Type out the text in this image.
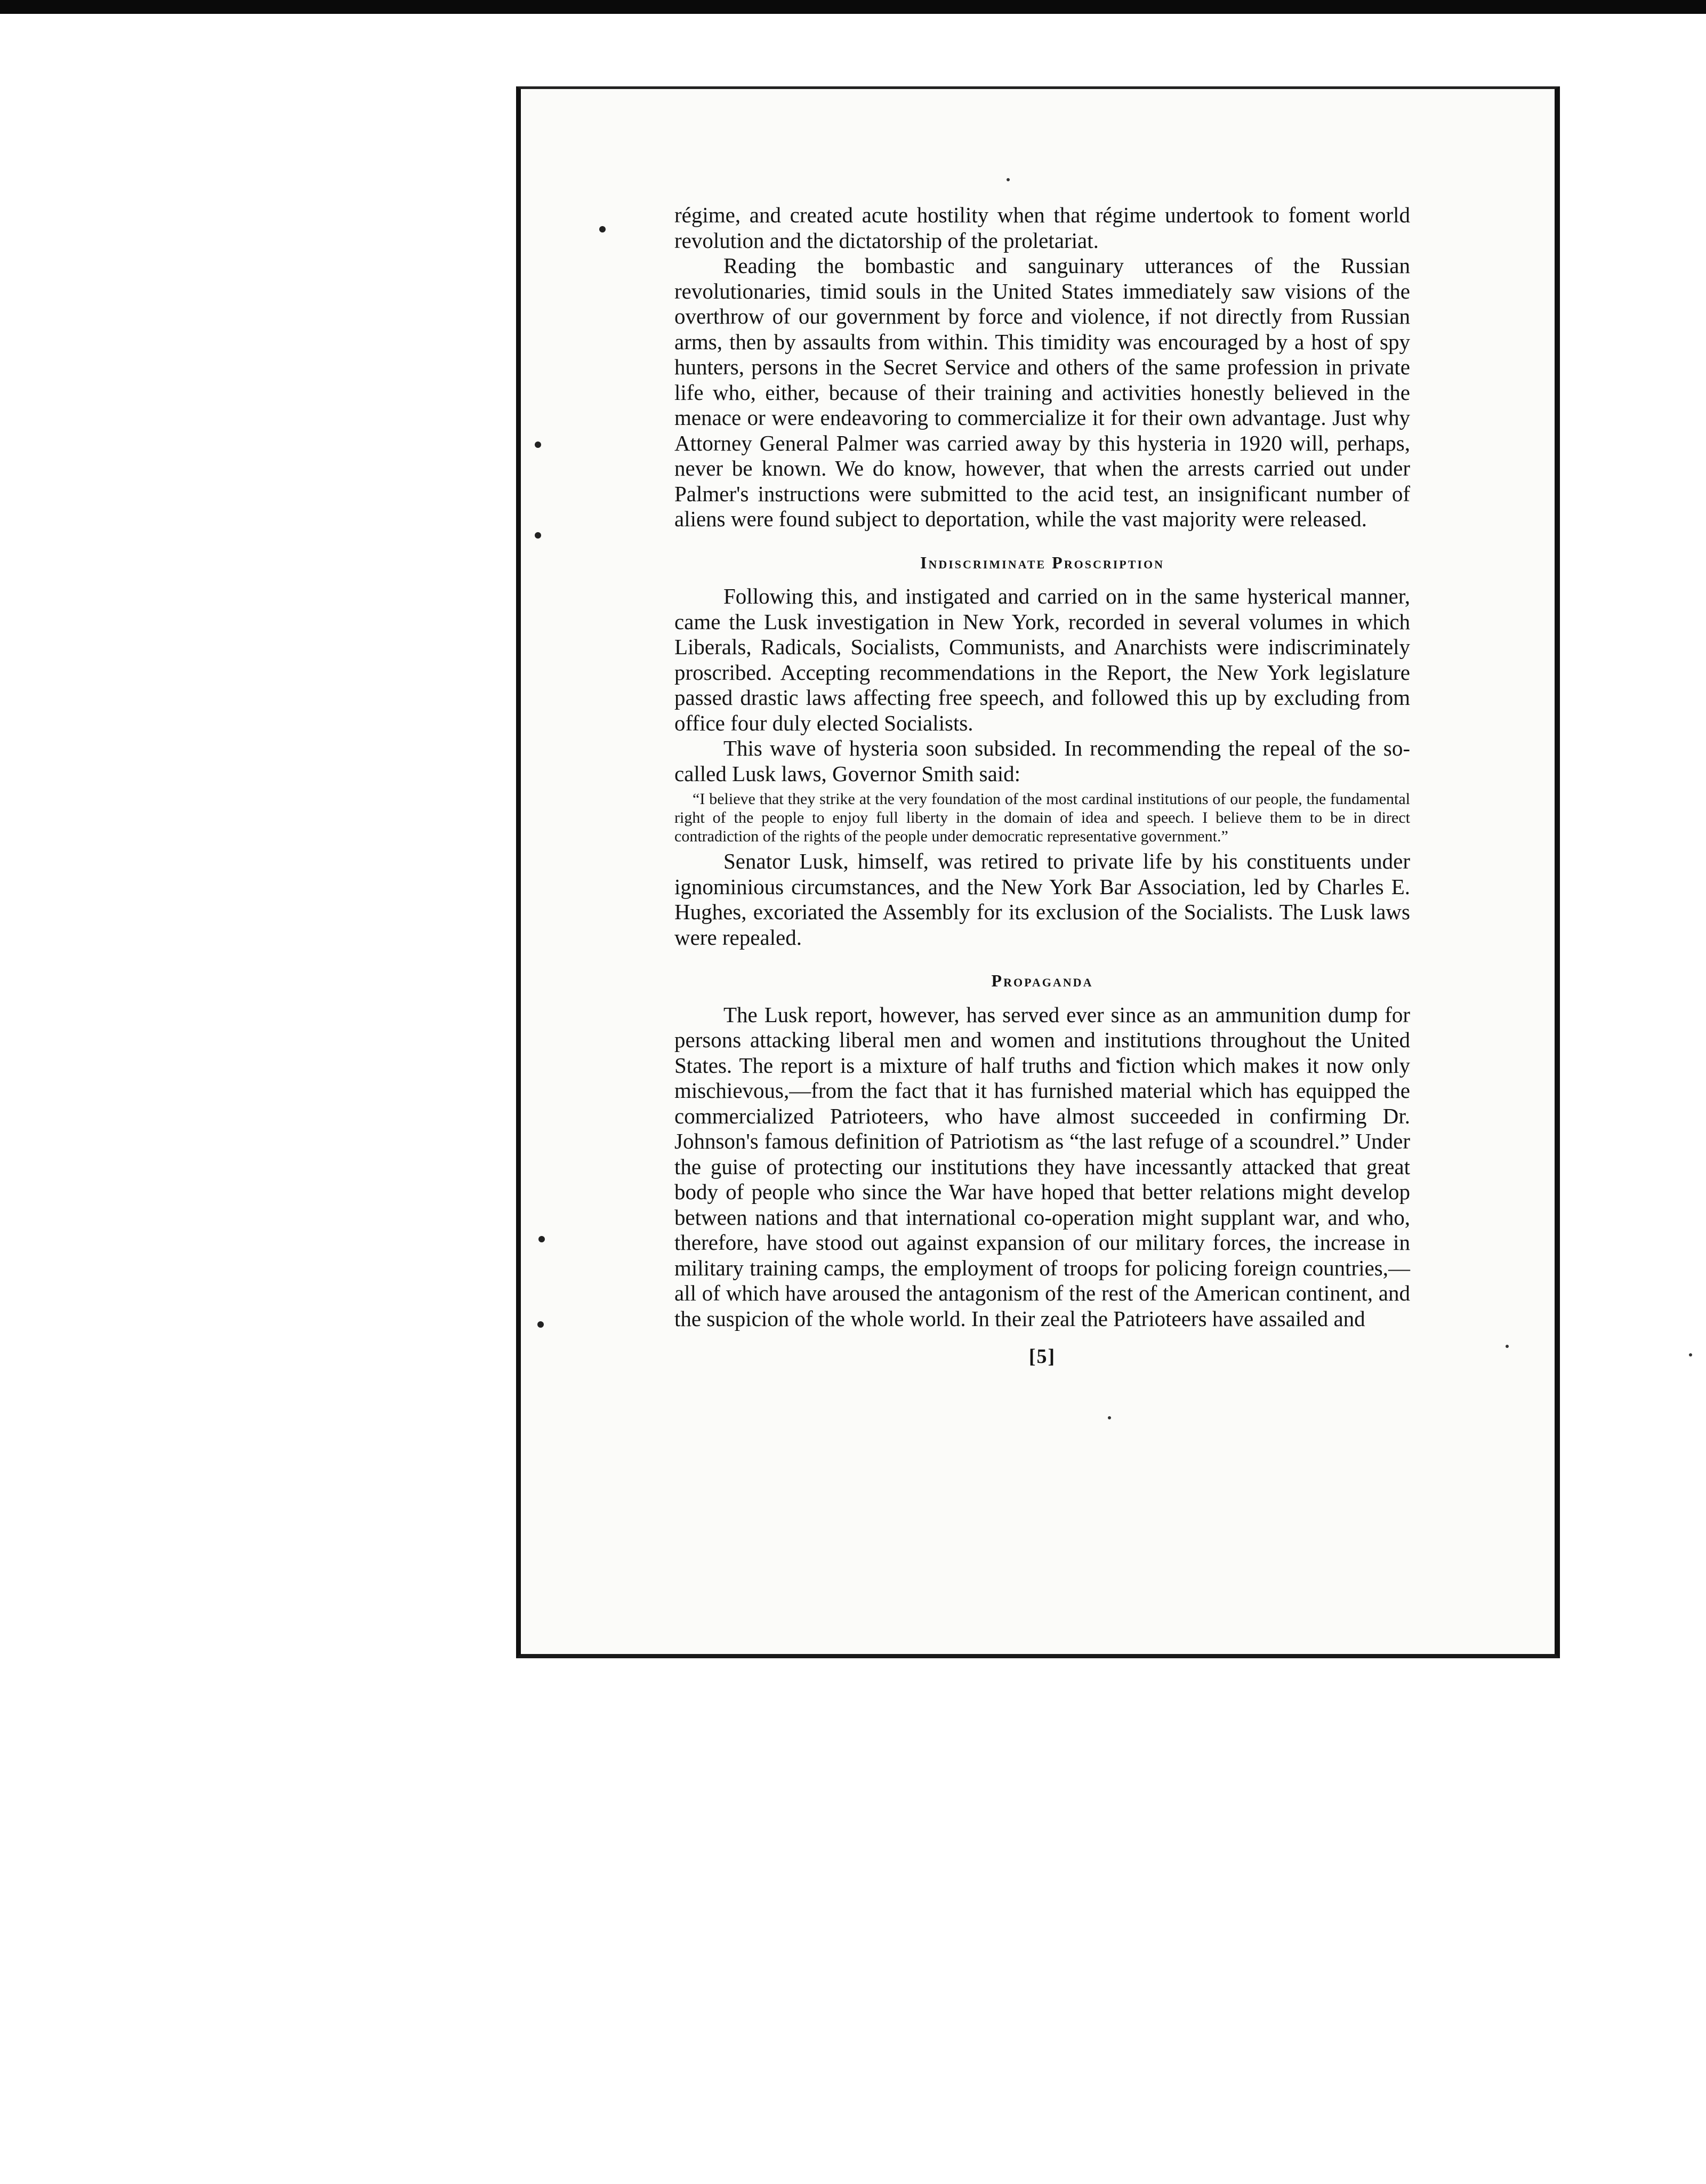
régime, and created acute hostility when that régime undertook to foment world revolution and the dictatorship of the proletariat.

Reading the bombastic and sanguinary utterances of the Russian revolutionaries, timid souls in the United States immediately saw visions of the overthrow of our government by force and violence, if not directly from Russian arms, then by assaults from within. This timidity was encouraged by a host of spy hunters, persons in the Secret Service and others of the same profession in private life who, either, because of their training and activities honestly believed in the menace or were endeavoring to commercialize it for their own advantage. Just why Attorney General Palmer was carried away by this hysteria in 1920 will, perhaps, never be known. We do know, however, that when the arrests carried out under Palmer's instructions were submitted to the acid test, an insignificant number of aliens were found subject to deportation, while the vast majority were released.

Indiscriminate Proscription

Following this, and instigated and carried on in the same hysterical manner, came the Lusk investigation in New York, recorded in several volumes in which Liberals, Radicals, Socialists, Communists, and Anarchists were indiscriminately proscribed. Accepting recommendations in the Report, the New York legislature passed drastic laws affecting free speech, and followed this up by excluding from office four duly elected Socialists.

This wave of hysteria soon subsided. In recommending the repeal of the so-called Lusk laws, Governor Smith said:

“I believe that they strike at the very foundation of the most cardinal institutions of our people, the fundamental right of the people to enjoy full liberty in the domain of idea and speech. I believe them to be in direct contradiction of the rights of the people under democratic representative government.”

Senator Lusk, himself, was retired to private life by his constituents under ignominious circumstances, and the New York Bar Association, led by Charles E. Hughes, excoriated the Assembly for its exclusion of the Socialists. The Lusk laws were repealed.

Propaganda

The Lusk report, however, has served ever since as an ammunition dump for persons attacking liberal men and women and institutions throughout the United States. The report is a mixture of half truths and fiction which makes it now only mischievous,—from the fact that it has furnished material which has equipped the commercialized Patrioteers, who have almost succeeded in confirming Dr. Johnson's famous definition of Patriotism as “the last refuge of a scoundrel.” Under the guise of protecting our institutions they have incessantly attacked that great body of people who since the War have hoped that better relations might develop between nations and that international co-operation might supplant war, and who, therefore, have stood out against expansion of our military forces, the increase in military training camps, the employment of troops for policing foreign countries,—all of which have aroused the antagonism of the rest of the American continent, and the suspicion of the whole world. In their zeal the Patrioteers have assailed and

[5]
